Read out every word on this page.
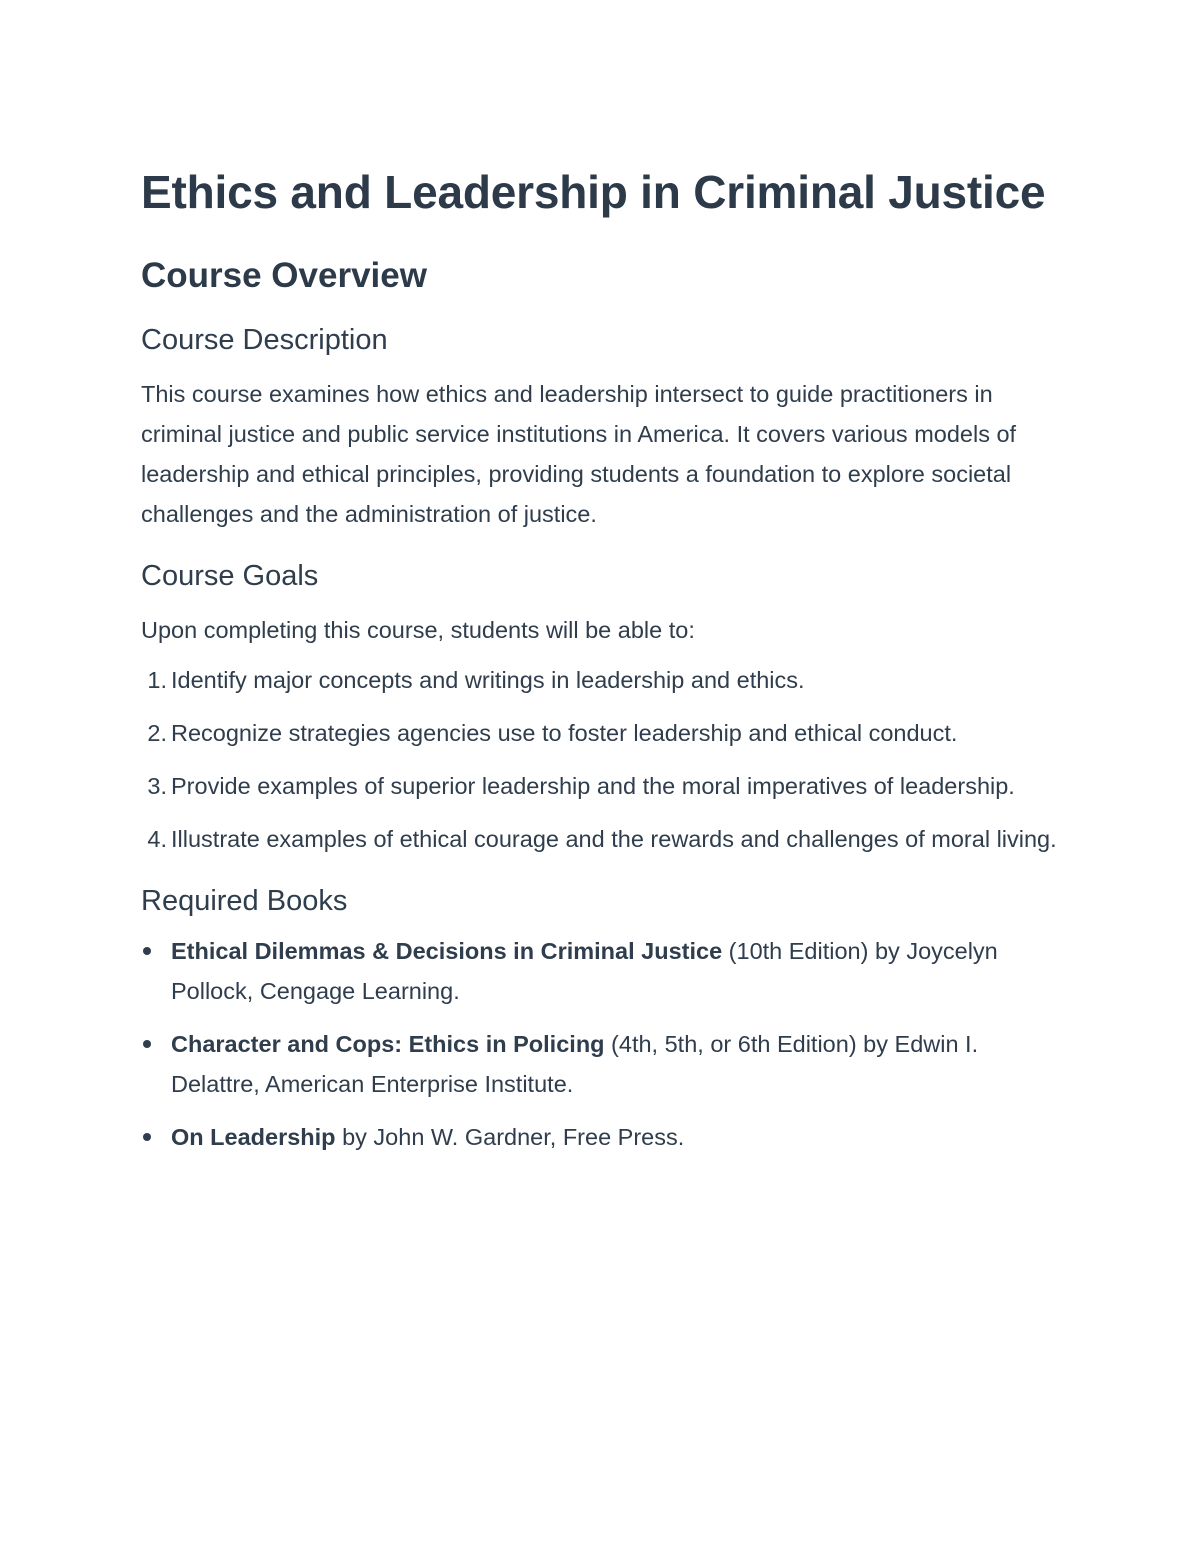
Ethics and Leadership in Criminal Justice
Course Overview
Course Description

This course examines how ethics and leadership intersect to guide practitioners in criminal justice and public service institutions in America. It covers various models of leadership and ethical principles, providing students a foundation to explore societal challenges and the administration of justice.

Course Goals

Upon completing this course, students will be able to:

1. Identify major concepts and writings in leadership and ethics.
2. Recognize strategies agencies use to foster leadership and ethical conduct.
3. Provide examples of superior leadership and the moral imperatives of leadership.
4. Illustrate examples of ethical courage and the rewards and challenges of moral living.
Required Books
Ethical Dilemmas & Decisions in Criminal Justice (10th Edition) by Joycelyn Pollock, Cengage Learning.
Character and Cops: Ethics in Policing (4th, 5th, or 6th Edition) by Edwin I. Delattre, American Enterprise Institute.
On Leadership by John W. Gardner, Free Press.
